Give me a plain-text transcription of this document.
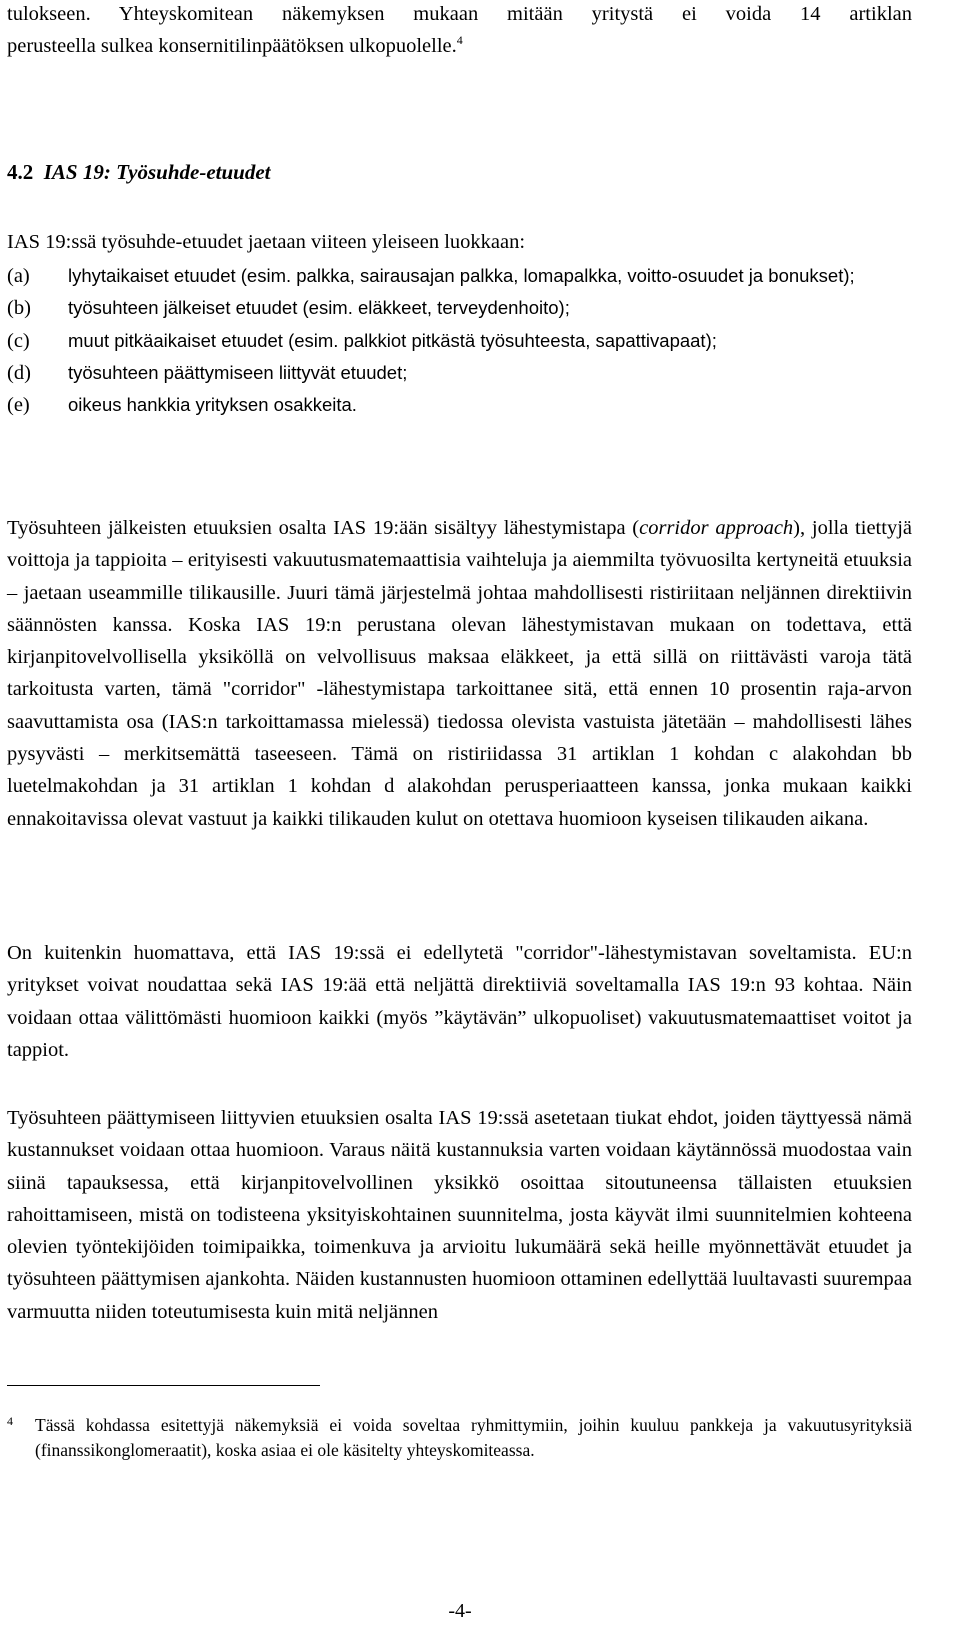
tulokseen. Yhteyskomitean näkemyksen mukaan mitään yritystä ei voida 14 artiklan
perusteella sulkea konsernitilinpäätöksen ulkopuolelle.$^4$
4.2 IAS 19: Työsuhde-etuudet
IAS 19:ssä työsuhde-etuudet jaetaan viiteen yleiseen luokkaan:
(a) lyhytaikaiset etuudet (esim. palkka, sairausajan palkka, lomapalkka, voitto-osuudet ja bonukset);
(b) työsuhteen jälkeiset etuudet (esim. eläkkeet, terveydenhoito);
(c) muut pitkäaikaiset etuudet (esim. palkkiot pitkästä työsuhteesta, sapattivapaat);
(d) työsuhteen päättymiseen liittyvät etuudet;
(e) oikeus hankkia yrityksen osakkeita.

Työsuhteen jälkeisten etuuksien osalta IAS 19:ään sisältyy lähestymistapa (corridor approach), jolla tiettyjä voittoja ja tappioita – erityisesti vakuutusmatemaattisia vaihteluja ja aiemmilta työvuosilta kertyneitä etuuksia – jaetaan useammille tilikausille. Juuri tämä järjestelmä johtaa mahdollisesti ristiriitaan neljännen direktiivin säännösten kanssa. Koska IAS 19:n perustana olevan lähestymistavan mukaan on todettava, että kirjanpitovelvollisella yksiköllä on velvollisuus maksaa eläkkeet, ja että sillä on riittävästi varoja tätä tarkoitusta varten, tämä "corridor" -lähestymistapa tarkoittanee sitä, että ennen 10 prosentin raja-arvon saavuttamista osa (IAS:n tarkoittamassa mielessä) tiedossa olevista vastuista jätetään – mahdollisesti lähes pysyvästi – merkitsemättä taseeseen. Tämä on ristiriidassa 31 artiklan 1 kohdan c alakohdan bb luetelmakohdan ja 31 artiklan 1 kohdan d alakohdan perusperiaatteen kanssa, jonka mukaan kaikki ennakoitavissa olevat vastuut ja kaikki tilikauden kulut on otettava huomioon kyseisen tilikauden aikana.

On kuitenkin huomattava, että IAS 19:ssä ei edellytetä "corridor"-lähestymistavan soveltamista. EU:n yritykset voivat noudattaa sekä IAS 19:ää että neljättä direktiiviä soveltamalla IAS 19:n 93 kohtaa. Näin voidaan ottaa välittömästi huomioon kaikki (myös ”käytävän” ulkopuoliset) vakuutusmatemaattiset voitot ja tappiot.

Työsuhteen päättymiseen liittyvien etuuksien osalta IAS 19:ssä asetetaan tiukat ehdot, joiden täyttyessä nämä kustannukset voidaan ottaa huomioon. Varaus näitä kustannuksia varten voidaan käytännössä muodostaa vain siinä tapauksessa, että kirjanpitovelvollinen yksikkö osoittaa sitoutuneensa tällaisten etuuksien rahoittamiseen, mistä on todisteena yksityiskohtainen suunnitelma, josta käyvät ilmi suunnitelmien kohteena olevien työntekijöiden toimipaikka, toimenkuva ja arvioitu lukumäärä sekä heille myönnettävät etuudet ja työsuhteen päättymisen ajankohta. Näiden kustannusten huomioon ottaminen edellyttää luultavasti suurempaa varmuutta niiden toteutumisesta kuin mitä neljännen

4 Tässä kohdassa esitettyjä näkemyksiä ei voida soveltaa ryhmittymiin, joihin kuuluu pankkeja ja vakuutusyrityksiä (finanssikonglomeraatit), koska asiaa ei ole käsitelty yhteyskomiteassa.
-4-
